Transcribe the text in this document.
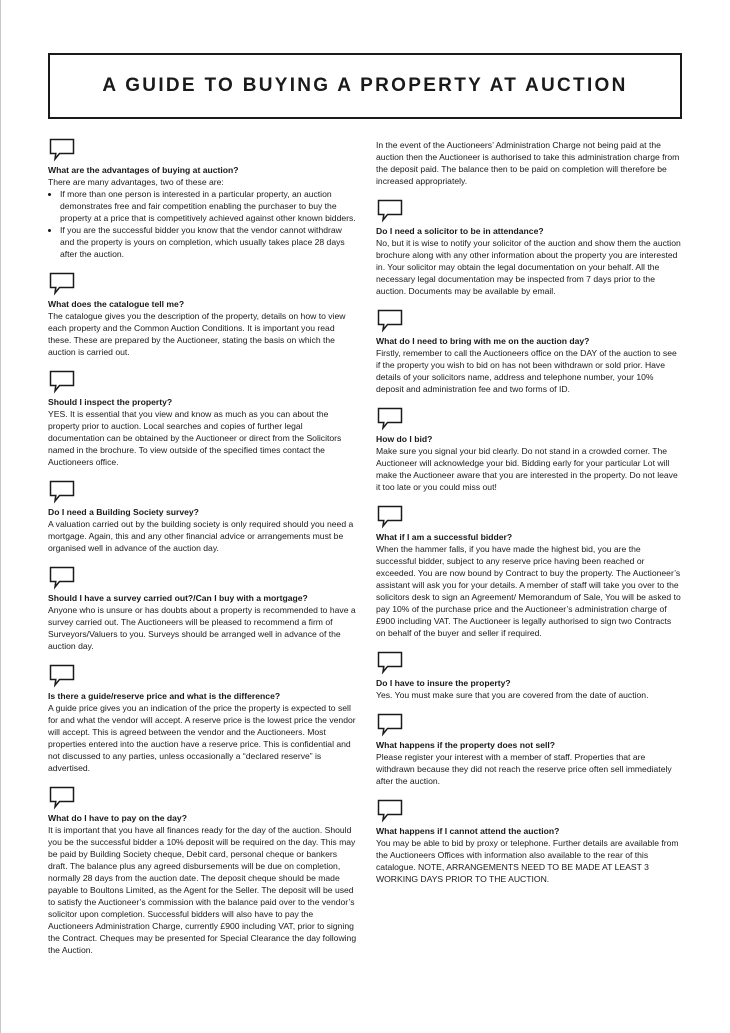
A GUIDE TO BUYING A PROPERTY AT AUCTION

What are the advantages of buying at auction?

There are many advantages, two of these are:

• If more than one person is interested in a particular property, an auction demonstrates free and fair competition enabling the purchaser to buy the property at a price that is competitively achieved against other known bidders.
• If you are the successful bidder you know that the vendor cannot withdraw and the property is yours on completion, which usually takes place 28 days after the auction.

What does the catalogue tell me?

The catalogue gives you the description of the property, details on how to view each property and the Common Auction Conditions. It is important you read these. These are prepared by the Auctioneer, stating the basis on which the auction is carried out.

Should I inspect the property?

YES. It is essential that you view and know as much as you can about the property prior to auction. Local searches and copies of further legal documentation can be obtained by the Auctioneer or direct from the Solicitors named in the brochure. To view outside of the specified times contact the Auctioneers office.

Do I need a Building Society survey?

A valuation carried out by the building society is only required should you need a mortgage. Again, this and any other financial advice or arrangements must be organised well in advance of the auction day.

Should I have a survey carried out?/Can I buy with a mortgage?

Anyone who is unsure or has doubts about a property is recommended to have a survey carried out. The Auctioneers will be pleased to recommend a firm of Surveyors/Valuers to you. Surveys should be arranged well in advance of the auction day.

Is there a guide/reserve price and what is the difference?

A guide price gives you an indication of the price the property is expected to sell for and what the vendor will accept. A reserve price is the lowest price the vendor will accept. This is agreed between the vendor and the Auctioneers. Most properties entered into the auction have a reserve price. This is confidential and not discussed to any parties, unless occasionally a “declared reserve” is advertised.

What do I have to pay on the day?

It is important that you have all finances ready for the day of the auction. Should you be the successful bidder a 10% deposit will be required on the day. This may be paid by Building Society cheque, Debit card, personal cheque or bankers draft. The balance plus any agreed disbursements will be due on completion, normally 28 days from the auction date. The deposit cheque should be made payable to Boultons Limited, as the Agent for the Seller. The deposit will be used to satisfy the Auctioneer’s commission with the balance paid over to the vendor’s solicitor upon completion. Successful bidders will also have to pay the Auctioneers Administration Charge, currently £900 including VAT, prior to signing the Contract. Cheques may be presented for Special Clearance the day following the Auction.

In the event of the Auctioneers’ Administration Charge not being paid at the auction then the Auctioneer is authorised to take this administration charge from the deposit paid. The balance then to be paid on completion will therefore be increased appropriately.

Do I need a solicitor to be in attendance?

No, but it is wise to notify your solicitor of the auction and show them the auction brochure along with any other information about the property you are interested in. Your solicitor may obtain the legal documentation on your behalf. All the necessary legal documentation may be inspected from 7 days prior to the auction. Documents may be available by email.

What do I need to bring with me on the auction day?

Firstly, remember to call the Auctioneers office on the DAY of the auction to see if the property you wish to bid on has not been withdrawn or sold prior. Have details of your solicitors name, address and telephone number, your 10% deposit and administration fee and two forms of ID.

How do I bid?

Make sure you signal your bid clearly. Do not stand in a crowded corner. The Auctioneer will acknowledge your bid. Bidding early for your particular Lot will make the Auctioneer aware that you are interested in the property. Do not leave it too late or you could miss out!

What if I am a successful bidder?

When the hammer falls, if you have made the highest bid, you are the successful bidder, subject to any reserve price having been reached or exceeded. You are now bound by Contract to buy the property. The Auctioneer’s assistant will ask you for your details. A member of staff will take you over to the solicitors desk to sign an Agreement/ Memorandum of Sale, You will be asked to pay 10% of the purchase price and the Auctioneer’s administration charge of £900 including VAT. The Auctioneer is legally authorised to sign two Contracts on behalf of the buyer and seller if required.

Do I have to insure the property?

Yes. You must make sure that you are covered from the date of auction.

What happens if the property does not sell?

Please register your interest with a member of staff. Properties that are withdrawn because they did not reach the reserve price often sell immediately after the auction.

What happens if I cannot attend the auction?

You may be able to bid by proxy or telephone. Further details are available from the Auctioneers Offices with information also available to the rear of this catalogue. NOTE, ARRANGEMENTS NEED TO BE MADE AT LEAST 3 WORKING DAYS PRIOR TO THE AUCTION.
